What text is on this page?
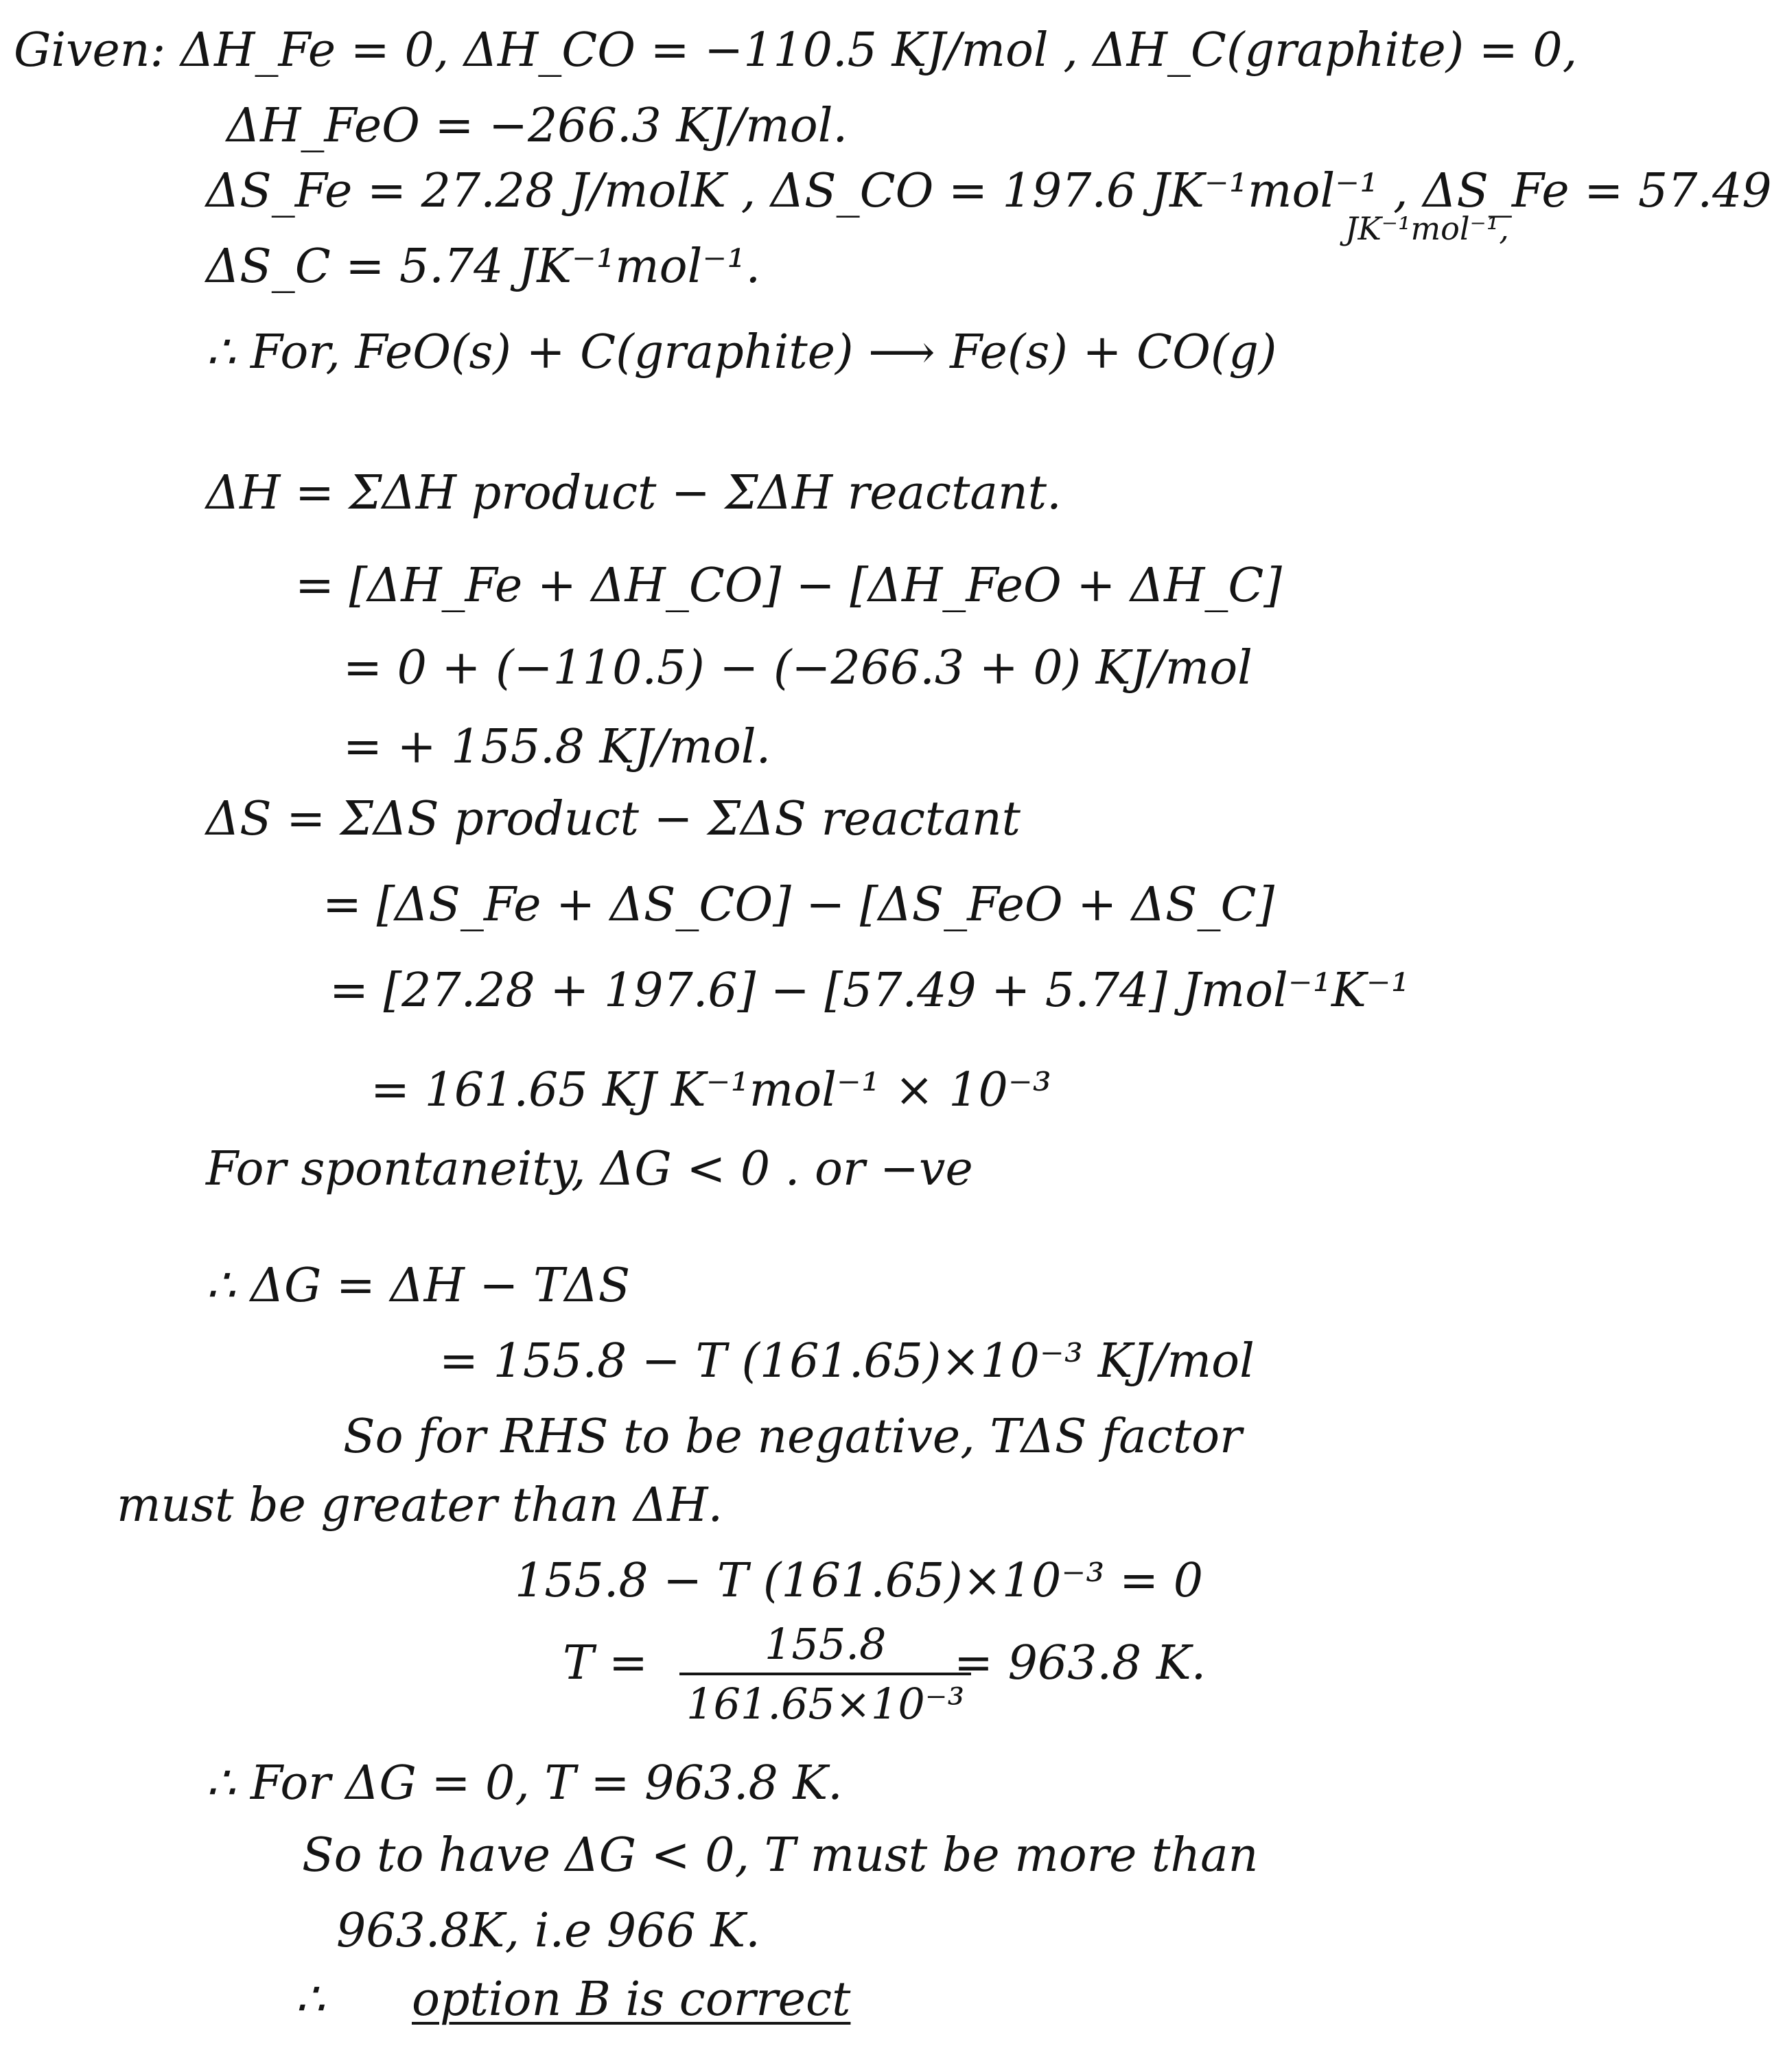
Given: ΔH_Fe = 0, ΔH_CO = −110.5 KJ/mol , ΔH_C(graphite) = 0,
ΔH_FeO = −266.3 KJ/mol.
ΔS_Fe = 27.28 J/molK , ΔS_CO = 197.6 JK⁻¹mol⁻¹ , ΔS_Fe = 57.49
JK⁻¹mol⁻¹,
ΔS_C = 5.74 JK⁻¹mol⁻¹.
∴ For, FeO(s) + C(graphite) ⟶ Fe(s) + CO(g)
ΔH = ΣΔH product − ΣΔH reactant.
= [ΔH_Fe + ΔH_CO] − [ΔH_FeO + ΔH_C]
= 0 + (−110.5) − (−266.3 + 0) KJ/mol
= + 155.8 KJ/mol.
ΔS = ΣΔS product − ΣΔS reactant
= [ΔS_Fe + ΔS_CO] − [ΔS_FeO + ΔS_C]
= [27.28 + 197.6] − [57.49 + 5.74] Jmol⁻¹K⁻¹
= 161.65 KJ K⁻¹mol⁻¹ × 10⁻³
For spontaneity, ΔG < 0 . or −ve
∴ ΔG = ΔH − TΔS
= 155.8 − T (161.65)×10⁻³ KJ/mol
So for RHS to be negative, TΔS factor
must be greater than ΔH.
155.8 − T (161.65)×10⁻³ = 0
T =	155.8
161.65×10⁻³
= 963.8 K.
∴ For ΔG = 0, T = 963.8 K.
So to have ΔG < 0, T must be more than
963.8K, i.e 966 K.
∴ option B is correct
